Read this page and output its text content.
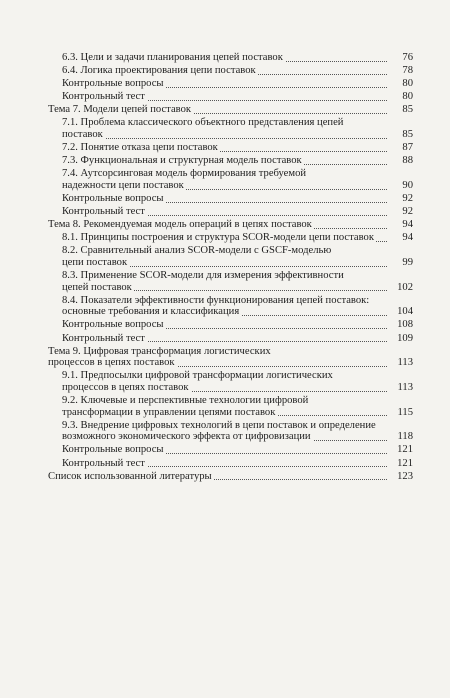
6.3. Цели и задачи планирования цепей поставок	76
6.4. Логика проектирования цепи поставок	78
Контрольные вопросы	80
Контрольный тест	80
Тема 7. Модели цепей поставок	85
7.1. Проблема классического объектного представления цепей поставок	85
7.2. Понятие отказа цепи поставок	87
7.3. Функциональная и структурная модель поставок	88
7.4. Аутсорсинговая модель формирования требуемой надежности цепи поставок	90
Контрольные вопросы	92
Контрольный тест	92
Тема 8. Рекомендуемая модель операций в цепях поставок	94
8.1. Принципы построения и структура SCOR-модели цепи поставок	94
8.2. Сравнительный анализ SCOR-модели с GSCF-моделью цепи поставок	99
8.3. Применение SCOR-модели для измерения эффективности цепей поставок	102
8.4. Показатели эффективности функционирования цепей поставок: основные требования и классификация	104
Контрольные вопросы	108
Контрольный тест	109
Тема 9. Цифровая трансформация логистических процессов в цепях поставок	113
9.1. Предпосылки цифровой трансформации логистических процессов в цепях поставок	113
9.2. Ключевые и перспективные технологии цифровой трансформации в управлении цепями поставок	115
9.3. Внедрение цифровых технологий в цепи поставок и определение возможного экономического эффекта от цифровизации	118
Контрольные вопросы	121
Контрольный тест	121
Список использованной литературы	123
